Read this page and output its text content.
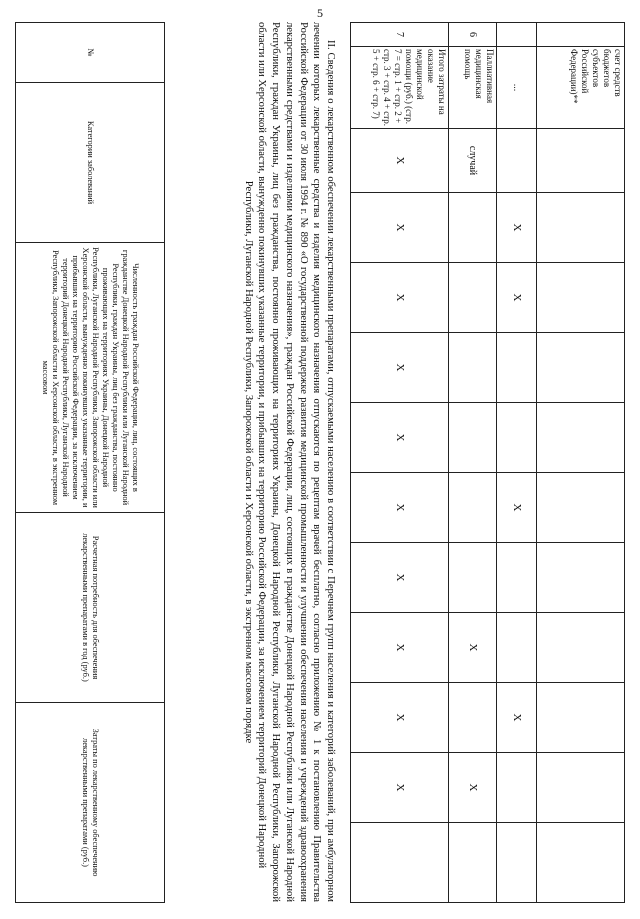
5
	счет средств бюджетов субъектов Российской Федерации)**											
	...		X	X			X			X		
6	Паллиативная медицинская помощь	случай							X		X	
7	Итого затраты на оказание медицинской помощи (руб.) (стр. 7 = стр. 1 + стр. 2 + стр. 3 + стр. 4 + стр. 5 + стр. 6 + стр. 7)	X	X	X	X	X	X	X	X	X	X	
II. Сведения о лекарственном обеспечении лекарственными препаратами, отпускаемыми населению в соответствии с Перечнем групп населения и категорий заболеваний, при амбулаторном лечении которых лекарственные средства и изделия медицинского назначения отпускаются по рецептам врачей бесплатно, согласно приложению № 1 к постановлению Правительства Российской Федерации от 30 июля 1994 г. № 890 «О государственной поддержке развития медицинской промышленности и улучшении обеспечения населения и учреждений здравоохранения лекарственными средствами и изделиями медицинского назначения», граждан Российской Федерации, лиц, состоящих в гражданстве Донецкой Народной Республики или Луганской Народной Республики, граждан Украины, лиц без гражданства, постоянно проживающих на территориях Украины, Донецкой Народной Республики, Луганской Народной Республики, Запорожской области или Херсонской области, вынужденно покинувших указанные территории, и прибывших на территорию Российской Федерации, за исключением территорий Донецкой Народной
Республики, Луганской Народной Республики, Запорожской области и Херсонской области, в экстренном массовом порядке
№	Категории заболеваний	Численность граждан Российской Федерации, лиц, состоящих в гражданстве Донецкой Народной Республики или Луганской Народной Республики, граждан Украины, лиц без гражданства, постоянно проживающих на территориях Украины, Донецкой Народной Республики, Луганской Народной Республики, Запорожской области или Херсонской области, вынужденно покинувших указанные территории, и прибывших на территорию Российской Федерации, за исключением территорий Донецкой Народной Республики, Луганской Народной Республики, Запорожской области и Херсонской области, в экстренном массовом	Расчетная потребность для обеспечения лекарственными препаратами в год (руб.)	Затраты по лекарственному обеспечению лекарственными препаратами (руб.)
